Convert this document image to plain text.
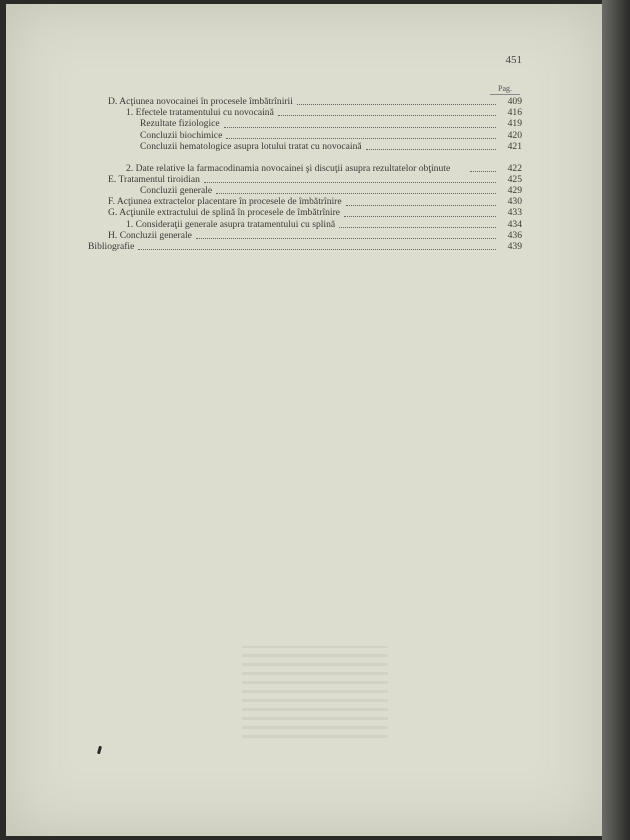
451
Pag.
D. Acţiunea novocainei în procesele îmbătrînirii	409
1. Efectele tratamentului cu novocaină	416
Rezultate fiziologice	419
Concluzii biochimice	420
Concluzii hematologice asupra lotului tratat cu novocaină	421
2. Date relative la farmacodinamia novocainei şi discuţii asupra rezultatelor obţinute	422
E. Tratamentul tiroidian	425
Concluzii generale	429
F. Acţiunea extractelor placentare în procesele de îmbătrînire	430
G. Acţiunile extractului de splină în procesele de îmbătrînire	433
1. Consideraţii generale asupra tratamentului cu splină	434
H. Concluzii generale	436
Bibliografie	439
